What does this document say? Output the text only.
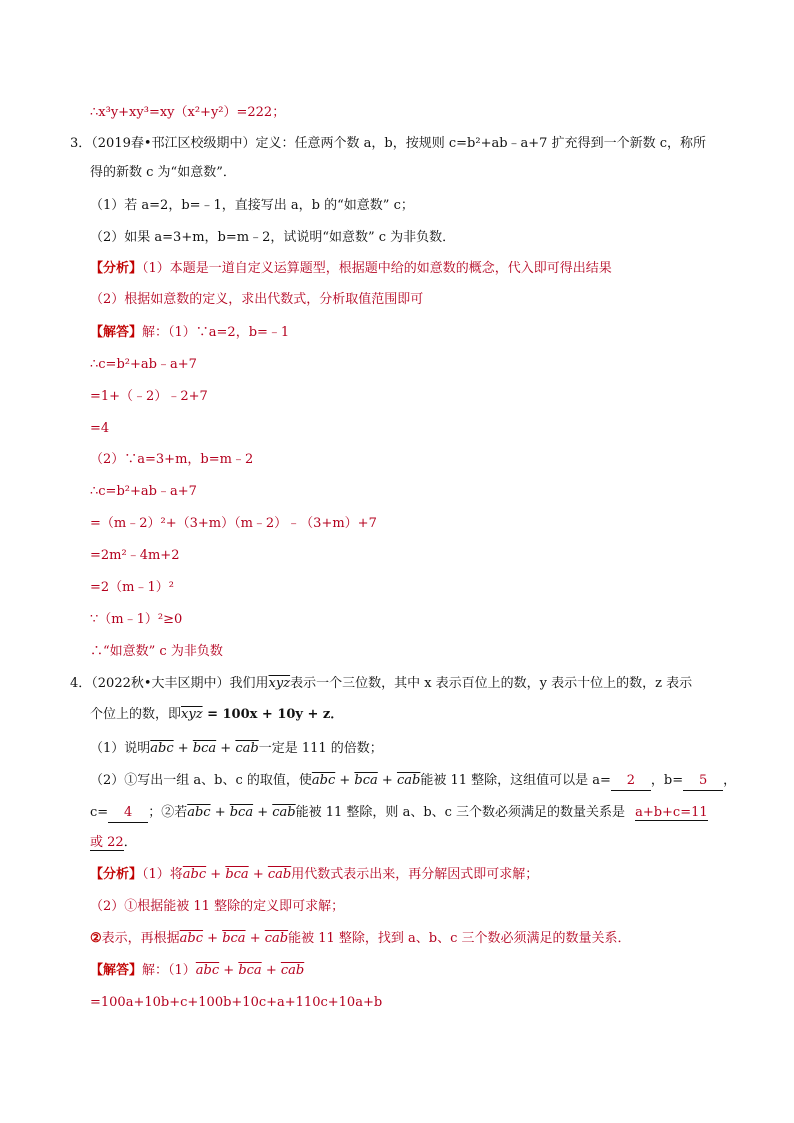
∴x³y+xy³=xy（x²+y²）=222；
3．（2019春•邗江区校级期中）定义：任意两个数 a，b，按规则 c=b²+ab﹣a+7 扩充得到一个新数 c，称所
得的新数 c 为“如意数”．
（1）若 a=2，b=﹣1，直接写出 a，b 的“如意数” c；
（2）如果 a=3+m，b=m﹣2，试说明“如意数” c 为非负数．
【分析】（1）本题是一道自定义运算题型，根据题中给的如意数的概念，代入即可得出结果
（2）根据如意数的定义，求出代数式，分析取值范围即可
【解答】解：（1）∵a=2，b=﹣1
∴c=b²+ab﹣a+7
=1+（﹣2）﹣2+7
=4
（2）∵a=3+m，b=m﹣2
∴c=b²+ab﹣a+7
=（m﹣2）²+（3+m）（m﹣2）﹣（3+m）+7
=2m²﹣4m+2
=2（m﹣1）²
∵（m﹣1）²≥0
∴“如意数” c 为非负数
4．（2022秋•大丰区期中）我们用$\overline{xyz}$表示一个三位数，其中 x 表示百位上的数，y 表示十位上的数，z 表示
个位上的数，即$\overline{xyz} = 100x + 10y + z$．
（1）说明$\overline{abc} + \overline{bca} + \overline{cab}$一定是 111 的倍数；
（2）①写出一组 a、b、c 的取值，使$\overline{abc} + \overline{bca} + \overline{cab}$能被 11 整除，这组值可以是 a= 2 ，b= 5 ，
c= 4 ；②若$\overline{abc} + \overline{bca} + \overline{cab}$能被 11 整除，则 a、b、c 三个数必须满足的数量关系是 a+b+c=11
或 22．
【分析】（1）将$\overline{abc} + \overline{bca} + \overline{cab}$用代数式表示出来，再分解因式即可求解；
（2）①根据能被 11 整除的定义即可求解；
②表示，再根据$\overline{abc} + \overline{bca} + \overline{cab}$能被 11 整除，找到 a、b、c 三个数必须满足的数量关系．
【解答】解：$(1)\overline{abc} + \overline{bca} + \overline{cab}$
=100a+10b+c+100b+10c+a+110c+10a+b
